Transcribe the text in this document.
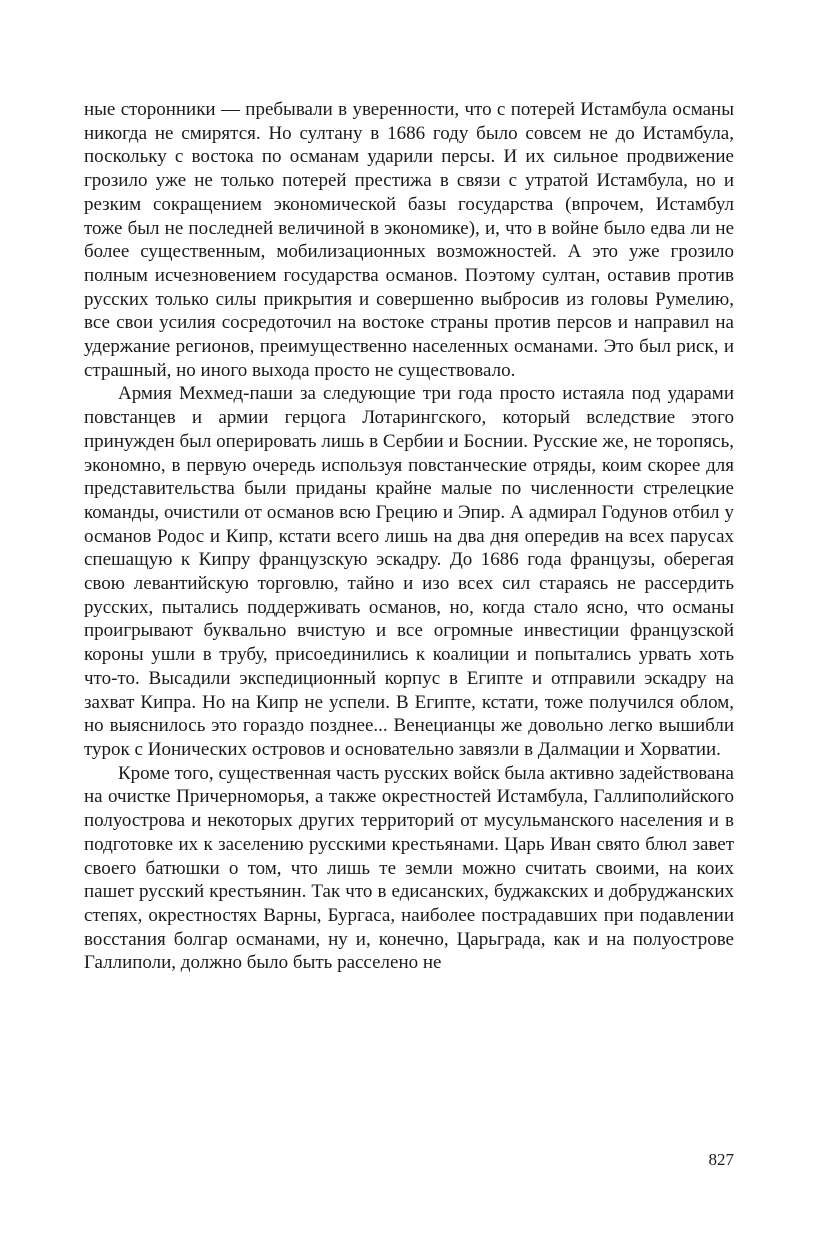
ные сторонники — пребывали в уверенности, что с потерей Истамбула османы никогда не смирятся. Но султану в 1686 году было совсем не до Истамбула, поскольку с востока по османам ударили персы. И их сильное продвижение грозило уже не только потерей престижа в связи с утратой Истамбула, но и резким сокращением экономической базы государства (впрочем, Истамбул тоже был не последней величиной в экономике), и, что в войне было едва ли не более существенным, мобилизационных возможностей. А это уже грозило полным исчезновением государства османов. Поэтому султан, оставив против русских только силы прикрытия и совершенно выбросив из головы Румелию, все свои усилия сосредоточил на востоке страны против персов и направил на удержание регионов, преимущественно населенных османами. Это был риск, и страшный, но иного выхода просто не существовало.

Армия Мехмед-паши за следующие три года просто истаяла под ударами повстанцев и армии герцога Лотарингского, который вследствие этого принужден был оперировать лишь в Сербии и Боснии. Русские же, не торопясь, экономно, в первую очередь используя повстанческие отряды, коим скорее для представительства были приданы крайне малые по численности стрелецкие команды, очистили от османов всю Грецию и Эпир. А адмирал Годунов отбил у османов Родос и Кипр, кстати всего лишь на два дня опередив на всех парусах спешащую к Кипру французскую эскадру. До 1686 года французы, оберегая свою левантийскую торговлю, тайно и изо всех сил стараясь не рассердить русских, пытались поддерживать османов, но, когда стало ясно, что османы проигрывают буквально вчистую и все огромные инвестиции французской короны ушли в трубу, присоединились к коалиции и попытались урвать хоть что-то. Высадили экспедиционный корпус в Египте и отправили эскадру на захват Кипра. Но на Кипр не успели. В Египте, кстати, тоже получился облом, но выяснилось это гораздо позднее... Венецианцы же довольно легко вышибли турок с Ионических островов и основательно завязли в Далмации и Хорватии.

Кроме того, существенная часть русских войск была активно задействована на очистке Причерноморья, а также окрестностей Истамбула, Галлиполийского полуострова и некоторых других территорий от мусульманского населения и в подготовке их к заселению русскими крестьянами. Царь Иван свято блюл завет своего батюшки о том, что лишь те земли можно считать своими, на коих пашет русский крестьянин. Так что в едисанских, буджакских и добруджанских степях, окрестностях Варны, Бургаса, наиболее пострадавших при подавлении восстания болгар османами, ну и, конечно, Царьграда, как и на полуострове Галлиполи, должно было быть расселено не

827
